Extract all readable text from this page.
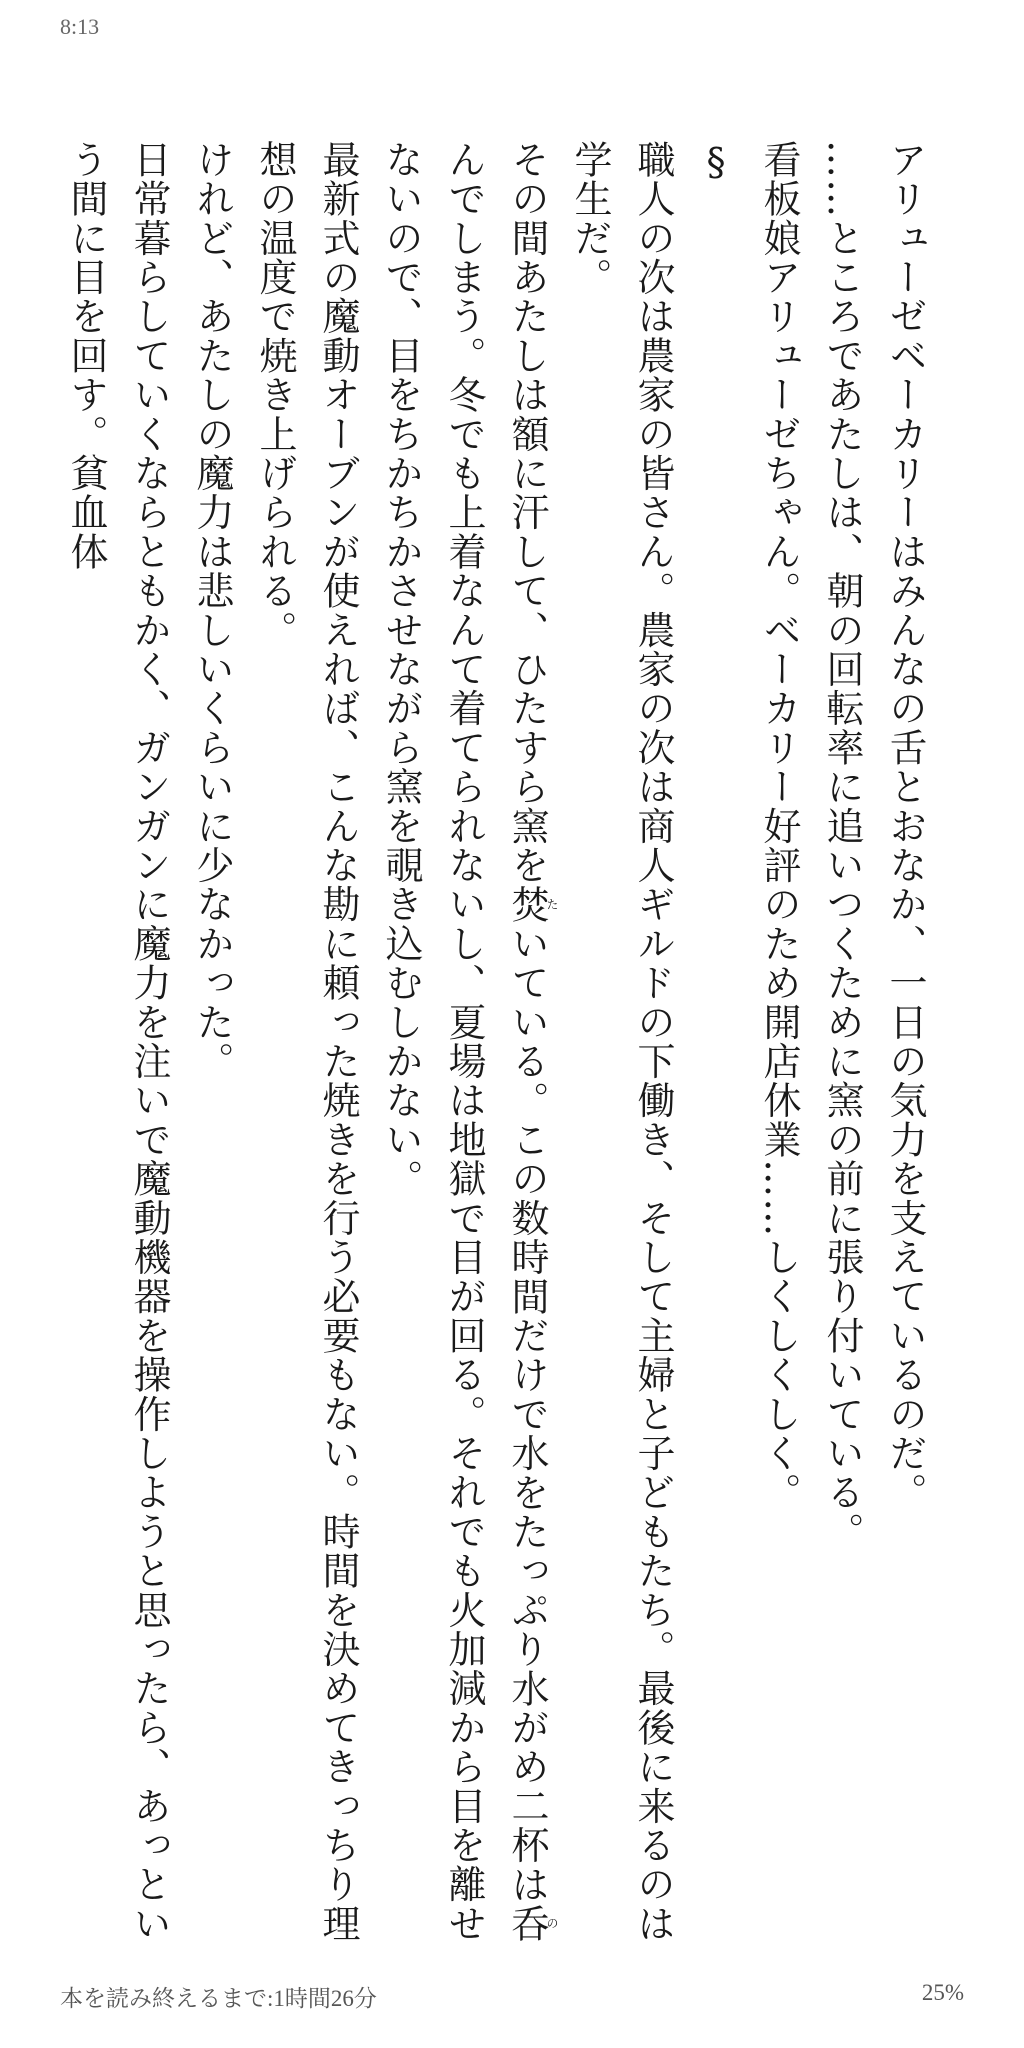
8:13

アリューゼベーカリーはみんなの舌とおなか、一日の気力を支えているのだ。

……ところであたしは、朝の回転率に追いつくために窯の前に張り付いている。

看板娘アリューゼちゃん。ベーカリー好評のため開店休業……しくしくしく。

§

職人の次は農家の皆さん。農家の次は商人ギルドの下働き、そして主婦と子どもたち。最後に来るのは学生だ。

その間あたしは額に汗して、ひたすら窯を焚たいている。この数時間だけで水をたっぷり水がめ二杯は呑のんでしまう。冬でも上着なんて着てられないし、夏場は地獄で目が回る。それでも火加減から目を離せないので、目をちかちかさせながら窯を覗き込むしかない。

最新式の魔動オーブンが使えれば、こんな勘に頼った焼きを行う必要もない。時間を決めてきっちり理想の温度で焼き上げられる。

けれど、あたしの魔力は悲しいくらいに少なかった。

日常暮らしていくならともかく、ガンガンに魔力を注いで魔動機器を操作しようと思ったら、あっという間に目を回す。貧血体

本を読み終えるまで:1時間26分	25%
